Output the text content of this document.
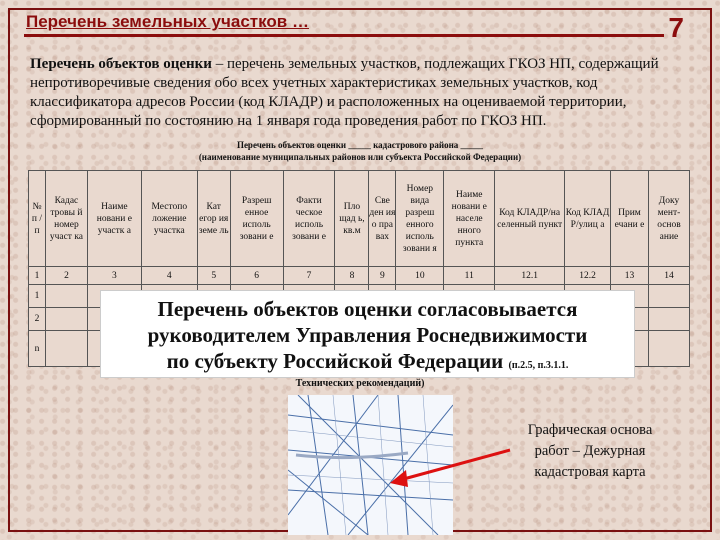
Перечень земельных участков …	7
Перечень объектов оценки – перечень земельных участков, подлежащих ГКОЗ НП, содержащий непротиворечивые сведения обо всех учетных характеристиках земельных участков, код классификатора адресов России (код КЛАДР) и расположенных на оцениваемой территории, сформированный по состоянию на 1 января года проведения работ по ГКОЗ НП.
Перечень объектов оценки _____ кадастрового района _____
(наименование муниципальных районов или субъекта Российской Федерации)
№ п / п	Кадас тровы й номер участ ка	Наиме новани е участк а	Местопо ложение участка	Кат егор ия земе ль	Разреш енное исполь зовани е	Факти ческое исполь зовани е	Пло щад ь, кв.м	Све ден ия о пра вах	Номер вида разреш енного исполь зовани я	Наиме новани е населе нного пункта	Код КЛАДР/на селенный пункт	Код КЛАД Р/улиц а	Прим ечани е	Доку мент- основ ание
1	2	3	4	5	6	7	8	9	10	11	12.1	12.2	13	14
1														
2														
n														
Перечень объектов оценки согласовывается
руководителем Управления Роснедвижимости
по субъекту Российской Федерации (п.2.5, п.3.1.1.
Технических рекомендаций)
Графическая основа
работ – Дежурная
кадастровая карта
